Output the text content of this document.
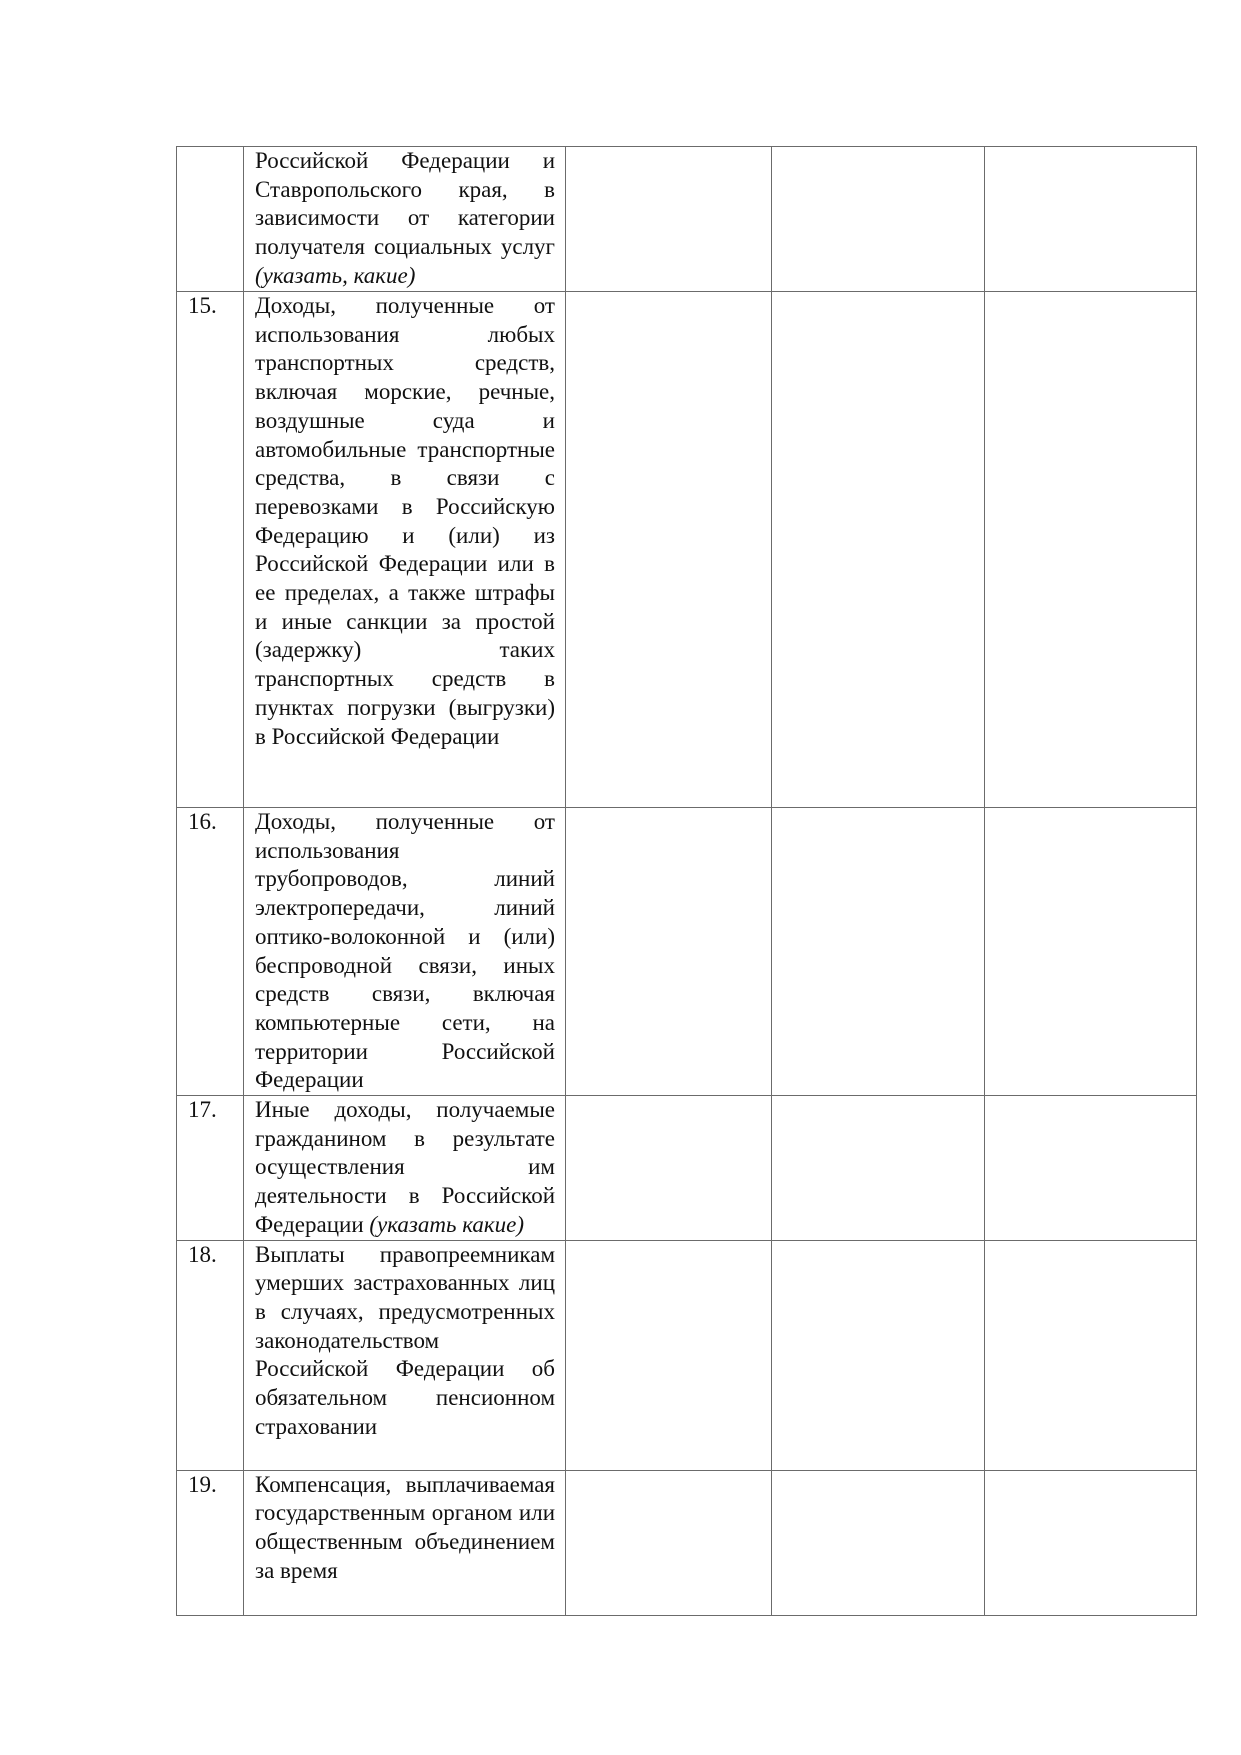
	Российской Федерации и Ставропольского края, в зависимости от категории получателя социальных услуг (указать, какие)			
15.	Доходы, полученные от использования любых транспортных средств, включая морские, речные, воздушные суда и автомобильные транспортные средства, в связи с перевозками в Российскую Федерацию и (или) из Российской Федерации или в ее пределах, а также штрафы и иные санкции за простой (задержку) таких транспортных средств в пунктах погрузки (выгрузки) в Российской Федерации			
16.	Доходы, полученные от использования трубопроводов, линий электропередачи, линий оптико-волоконной и (или) беспроводной связи, иных средств связи, включая компьютерные сети, на территории Российской Федерации			
17.	Иные доходы, получаемые гражданином в результате осуществления им деятельности в Российской Федерации (указать какие)			
18.	Выплаты правопреемникам умерших застрахованных лиц в случаях, предусмотренных законодательством Российской Федерации об обязательном пенсионном страховании			
19.	Компенсация, выплачиваемая государственным органом или общественным объединением за время			
